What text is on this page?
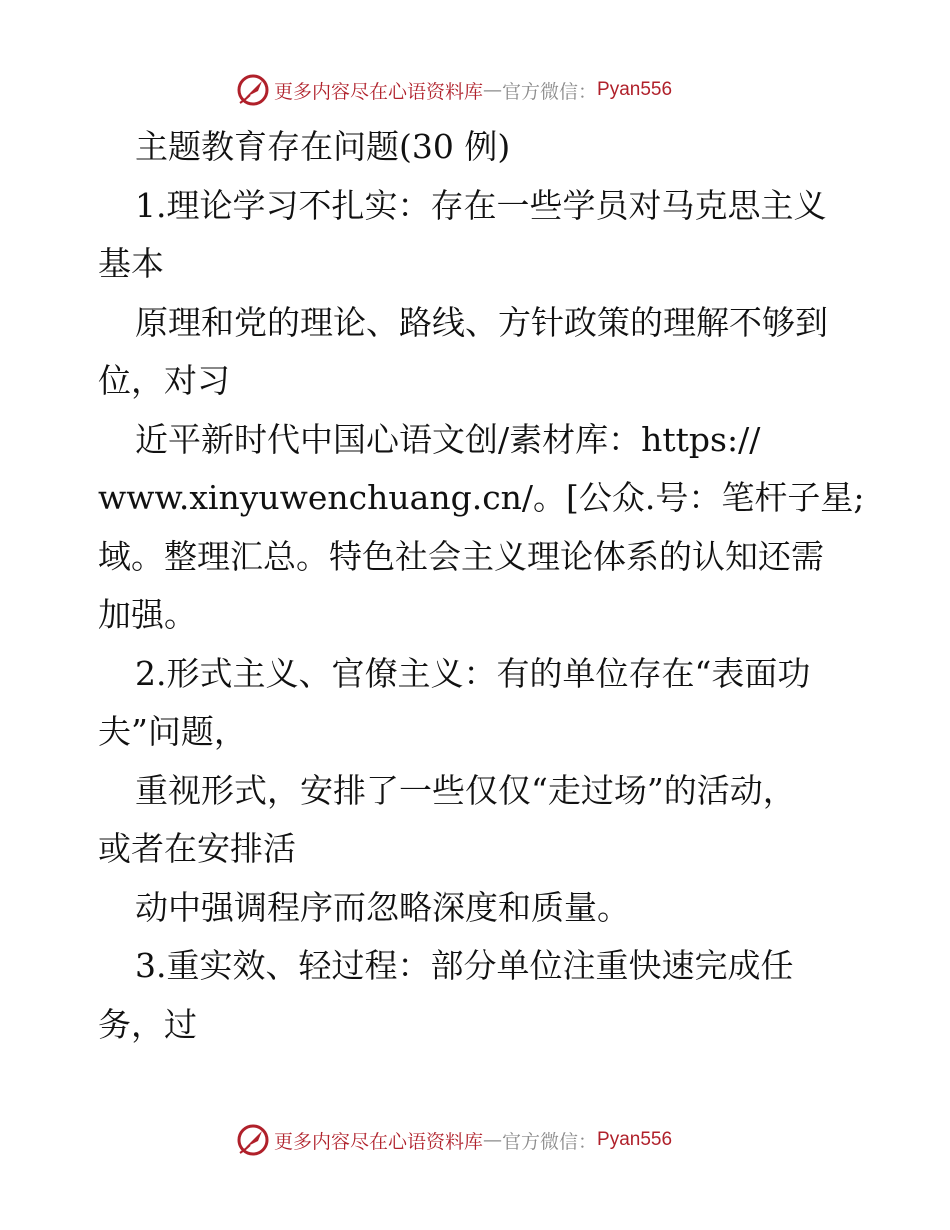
更多内容尽在心语资料库 — 官方微信： Pyan556
主题教育存在问题(30 例)
1.理论学习不扎实：存在一些学员对马克思主义
基本
原理和党的理论、路线、方针政策的理解不够到
位，对习
近平新时代中国心语文创/素材库：https://
www.xinyuwenchuang.cn/。[公众.号：笔杆子星;
域。整理汇总。特色社会主义理论体系的认知还需
加强。
2.形式主义、官僚主义：有的单位存在“表面功
夫”问题，
重视形式，安排了一些仅仅“走过场”的活动，
或者在安排活
动中强调程序而忽略深度和质量。
3.重实效、轻过程：部分单位注重快速完成任
务，过
更多内容尽在心语资料库 — 官方微信： Pyan556
